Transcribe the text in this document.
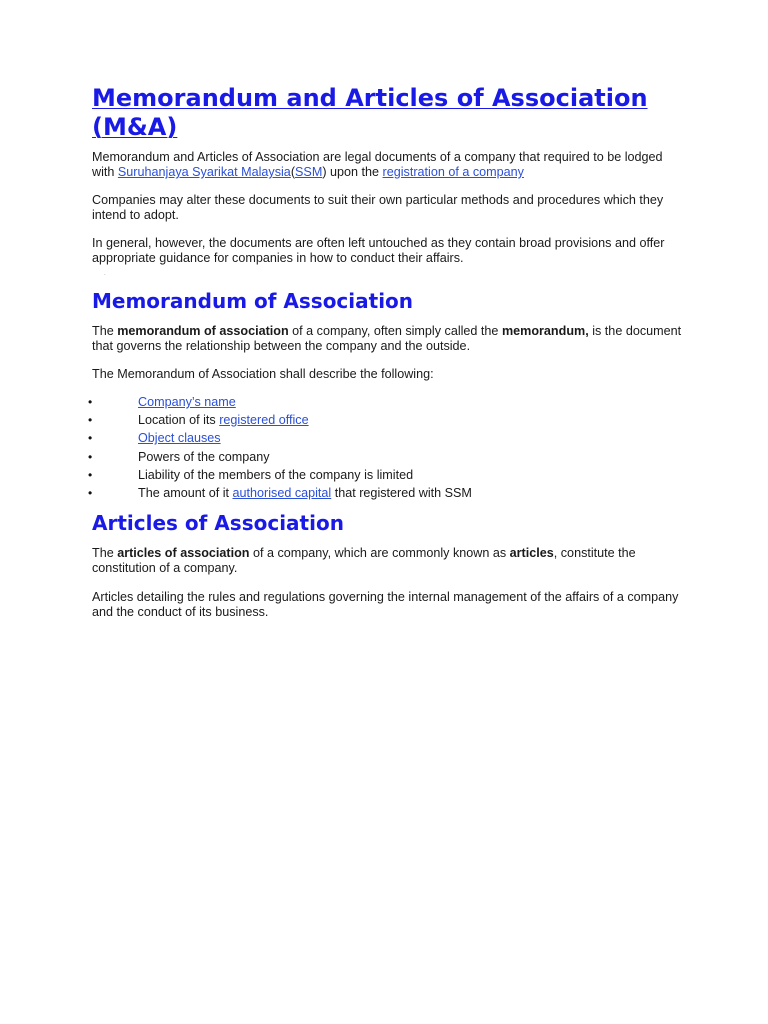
Memorandum and Articles of Association (M&A)

Memorandum and Articles of Association are legal documents of a company that required to be lodged with Suruhanjaya Syarikat Malaysia(SSM) upon the registration of a company

Companies may alter these documents to suit their own particular methods and procedures which they intend to adopt.

In general, however, the documents are often left untouched as they contain broad provisions and offer appropriate guidance for companies in how to conduct their affairs.

.
Memorandum of Association

The memorandum of association of a company, often simply called the memorandum, is the document that governs the relationship between the company and the outside.

The Memorandum of Association shall describe the following:

•	Company’s name
•	Location of its registered office
•	Object clauses
•	Powers of the company
•	Liability of the members of the company is limited
•	The amount of it authorised capital that registered with SSM
Articles of Association

The articles of association of a company, which are commonly known as articles, constitute the constitution of a company.

Articles detailing the rules and regulations governing the internal management of the affairs of a company and the conduct of its business.
